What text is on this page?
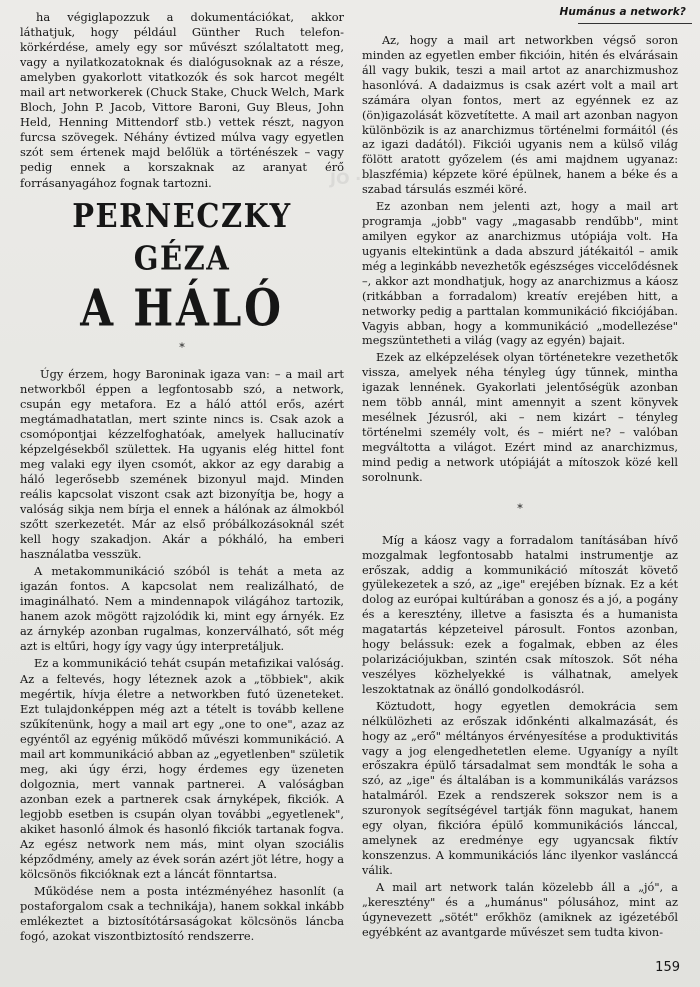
JÓ ∙ ∙ ∙
Humánus a network?

ha végiglapozzuk a dokumentációkat, akkor láthatjuk, hogy például Günther Ruch telefon-körkérdése, amely egy sor művészt szólaltatott meg, vagy a nyilatkozatoknak és dialógusoknak az a része, amelyben gyakorlott vitatkozók és sok harcot megélt mail art networkerek (Chuck Stake, Chuck Welch, Mark Bloch, John P. Jacob, Vittore Baroni, Guy Bleus, John Held, Henning Mittendorf stb.) vettek részt, nagyon furcsa szövegek. Néhány évtized múlva vagy egyetlen szót sem értenek majd belőlük a történészek – vagy pedig ennek a korszaknak az aranyat érő forrásanyagához fognak tartozni.

PERNECZKY GÉZA
A HÁLÓ
*

Úgy érzem, hogy Baroninak igaza van: – a mail art networkből éppen a legfontosabb szó, a network, csupán egy metafora. Ez a háló attól erős, azért megtámadhatatlan, mert szinte nincs is. Csak azok a csomópontjai kézzelfoghatóak, amelyek hallucinatív képzelgésekből születtek. Ha ugyanis elég hittel font meg valaki egy ilyen csomót, akkor az egy darabig a háló legerősebb szemének bizonyul majd. Minden reális kapcsolat viszont csak azt bizonyítja be, hogy a valóság sikja nem bírja el ennek a hálónak az álmokból szőtt szerkezetét. Már az első próbálkozásoknál szét kell hogy szakadjon. Akár a pókháló, ha emberi használatba vesszük.

A metakommunikáció szóból is tehát a meta az igazán fontos. A kapcsolat nem realizálható, de imaginálható. Nem a mindennapok világához tartozik, hanem azok mögött rajzolódik ki, mint egy árnyék. Ez az árnykép azonban rugalmas, konzerválható, sőt még azt is eltűri, hogy így vagy úgy interpretáljuk.

Ez a kommunikáció tehát csupán metafizikai valóság. Az a feltevés, hogy léteznek azok a „többiek", akik megértik, hívja életre a networkben futó üzeneteket. Ezt tulajdonképpen még azt a tételt is tovább kellene szűkítenünk, hogy a mail art egy „one to one", azaz az egyéntől az egyénig működő művészi kommunikáció. A mail art kommunikáció abban az „egyetlenben" születik meg, aki úgy érzi, hogy érdemes egy üzeneten dolgoznia, mert vannak partnerei. A valóságban azonban ezek a partnerek csak árnyképek, fikciók. A legjobb esetben is csupán olyan további „egyetlenek", akiket hasonló álmok és hasonló fikciók tartanak fogva. Az egész network nem más, mint olyan szociális képződmény, amely az évek során azért jöt létre, hogy a kölcsönös fikcióknak ezt a láncát fönntartsa.

Működése nem a posta intézményéhez hasonlít (a postaforgalom csak a technikája), hanem sokkal inkább emlékeztet a biztosítótársaságokat kölcsönös láncba fogó, azokat viszontbiztosító rendszerre.

Az, hogy a mail art networkben végső soron minden az egyetlen ember fikcióin, hitén és elvárásain áll vagy bukik, teszi a mail artot az anarchizmushoz hasonlóvá. A dadaizmus is csak azért volt a mail art számára olyan fontos, mert az egyénnek ez az (ön)igazolását közvetítette. A mail art azonban nagyon különbözik is az anarchizmus történelmi formáitól (és az igazi dadától). Fikciói ugyanis nem a külső világ fölött aratott győzelem (és ami majdnem ugyanaz: blaszfémia) képzete köré épülnek, hanem a béke és a szabad társulás eszméi köré.

Ez azonban nem jelenti azt, hogy a mail art programja „jobb" vagy „magasabb rendűbb", mint amilyen egykor az anarchizmus utópiája volt. Ha ugyanis eltekintünk a dada abszurd játékaitól – amik még a leginkább nevezhetők egészséges viccelődésnek –, akkor azt mondhatjuk, hogy az anarchizmus a káosz (ritkábban a forradalom) kreatív erejében hitt, a networky pedig a parttalan kommunikáció fikciójában. Vagyis abban, hogy a kommunikáció „modellezése" megszüntetheti a világ (vagy az egyén) bajait.

Ezek az elképzelések olyan történetekre vezethetők vissza, amelyek néha tényleg úgy tűnnek, mintha igazak lennének. Gyakorlati jelentőségük azonban nem több annál, mint amennyit a szent könyvek mesélnek Jézusról, aki – nem kizárt – tényleg történelmi személy volt, és – miért ne? – valóban megváltotta a világot. Ezért mind az anarchizmus, mind pedig a network utópiáját a mítoszok közé kell sorolnunk.

*

Míg a káosz vagy a forradalom tanításában hívő mozgalmak legfontosabb hatalmi instrumentje az erőszak, addig a kommunikáció mítoszát követő gyülekezetek a szó, az „ige" erejében bíznak. Ez a két dolog az európai kultúrában a gonosz és a jó, a pogány és a keresztény, illetve a fasiszta és a humanista magatartás képzeteivel párosult. Fontos azonban, hogy belássuk: ezek a fogalmak, ebben az éles polarizációjukban, szintén csak mítoszok. Sőt néha veszélyes közhelyekké is válhatnak, amelyek leszoktatnak az önálló gondolkodásról.

Köztudott, hogy egyetlen demokrácia sem nélkülözheti az erőszak időnkénti alkalmazását, és hogy az „erő" méltányos érvényesítése a produktivitás vagy a jog elengedhetetlen eleme. Ugyanígy a nyílt erőszakra épülő társadalmat sem mondták le soha a szó, az „ige" és általában is a kommunikálás varázsos hatalmáról. Ezek a rendszerek sokszor nem is a szuronyok segítségével tartják fönn magukat, hanem egy olyan, fikcióra épülő kommunikációs lánccal, amelynek az eredménye egy ugyancsak fiktív konszenzus. A kommunikációs lánc ilyenkor vaslánccá válik.

A mail art network talán közelebb áll a „jó", a „keresztény" és a „humánus" pólusához, mint az úgynevezett „sötét" erőkhöz (amiknek az igézetéből egyébként az avantgarde művészet sem tudta kivon-

159
